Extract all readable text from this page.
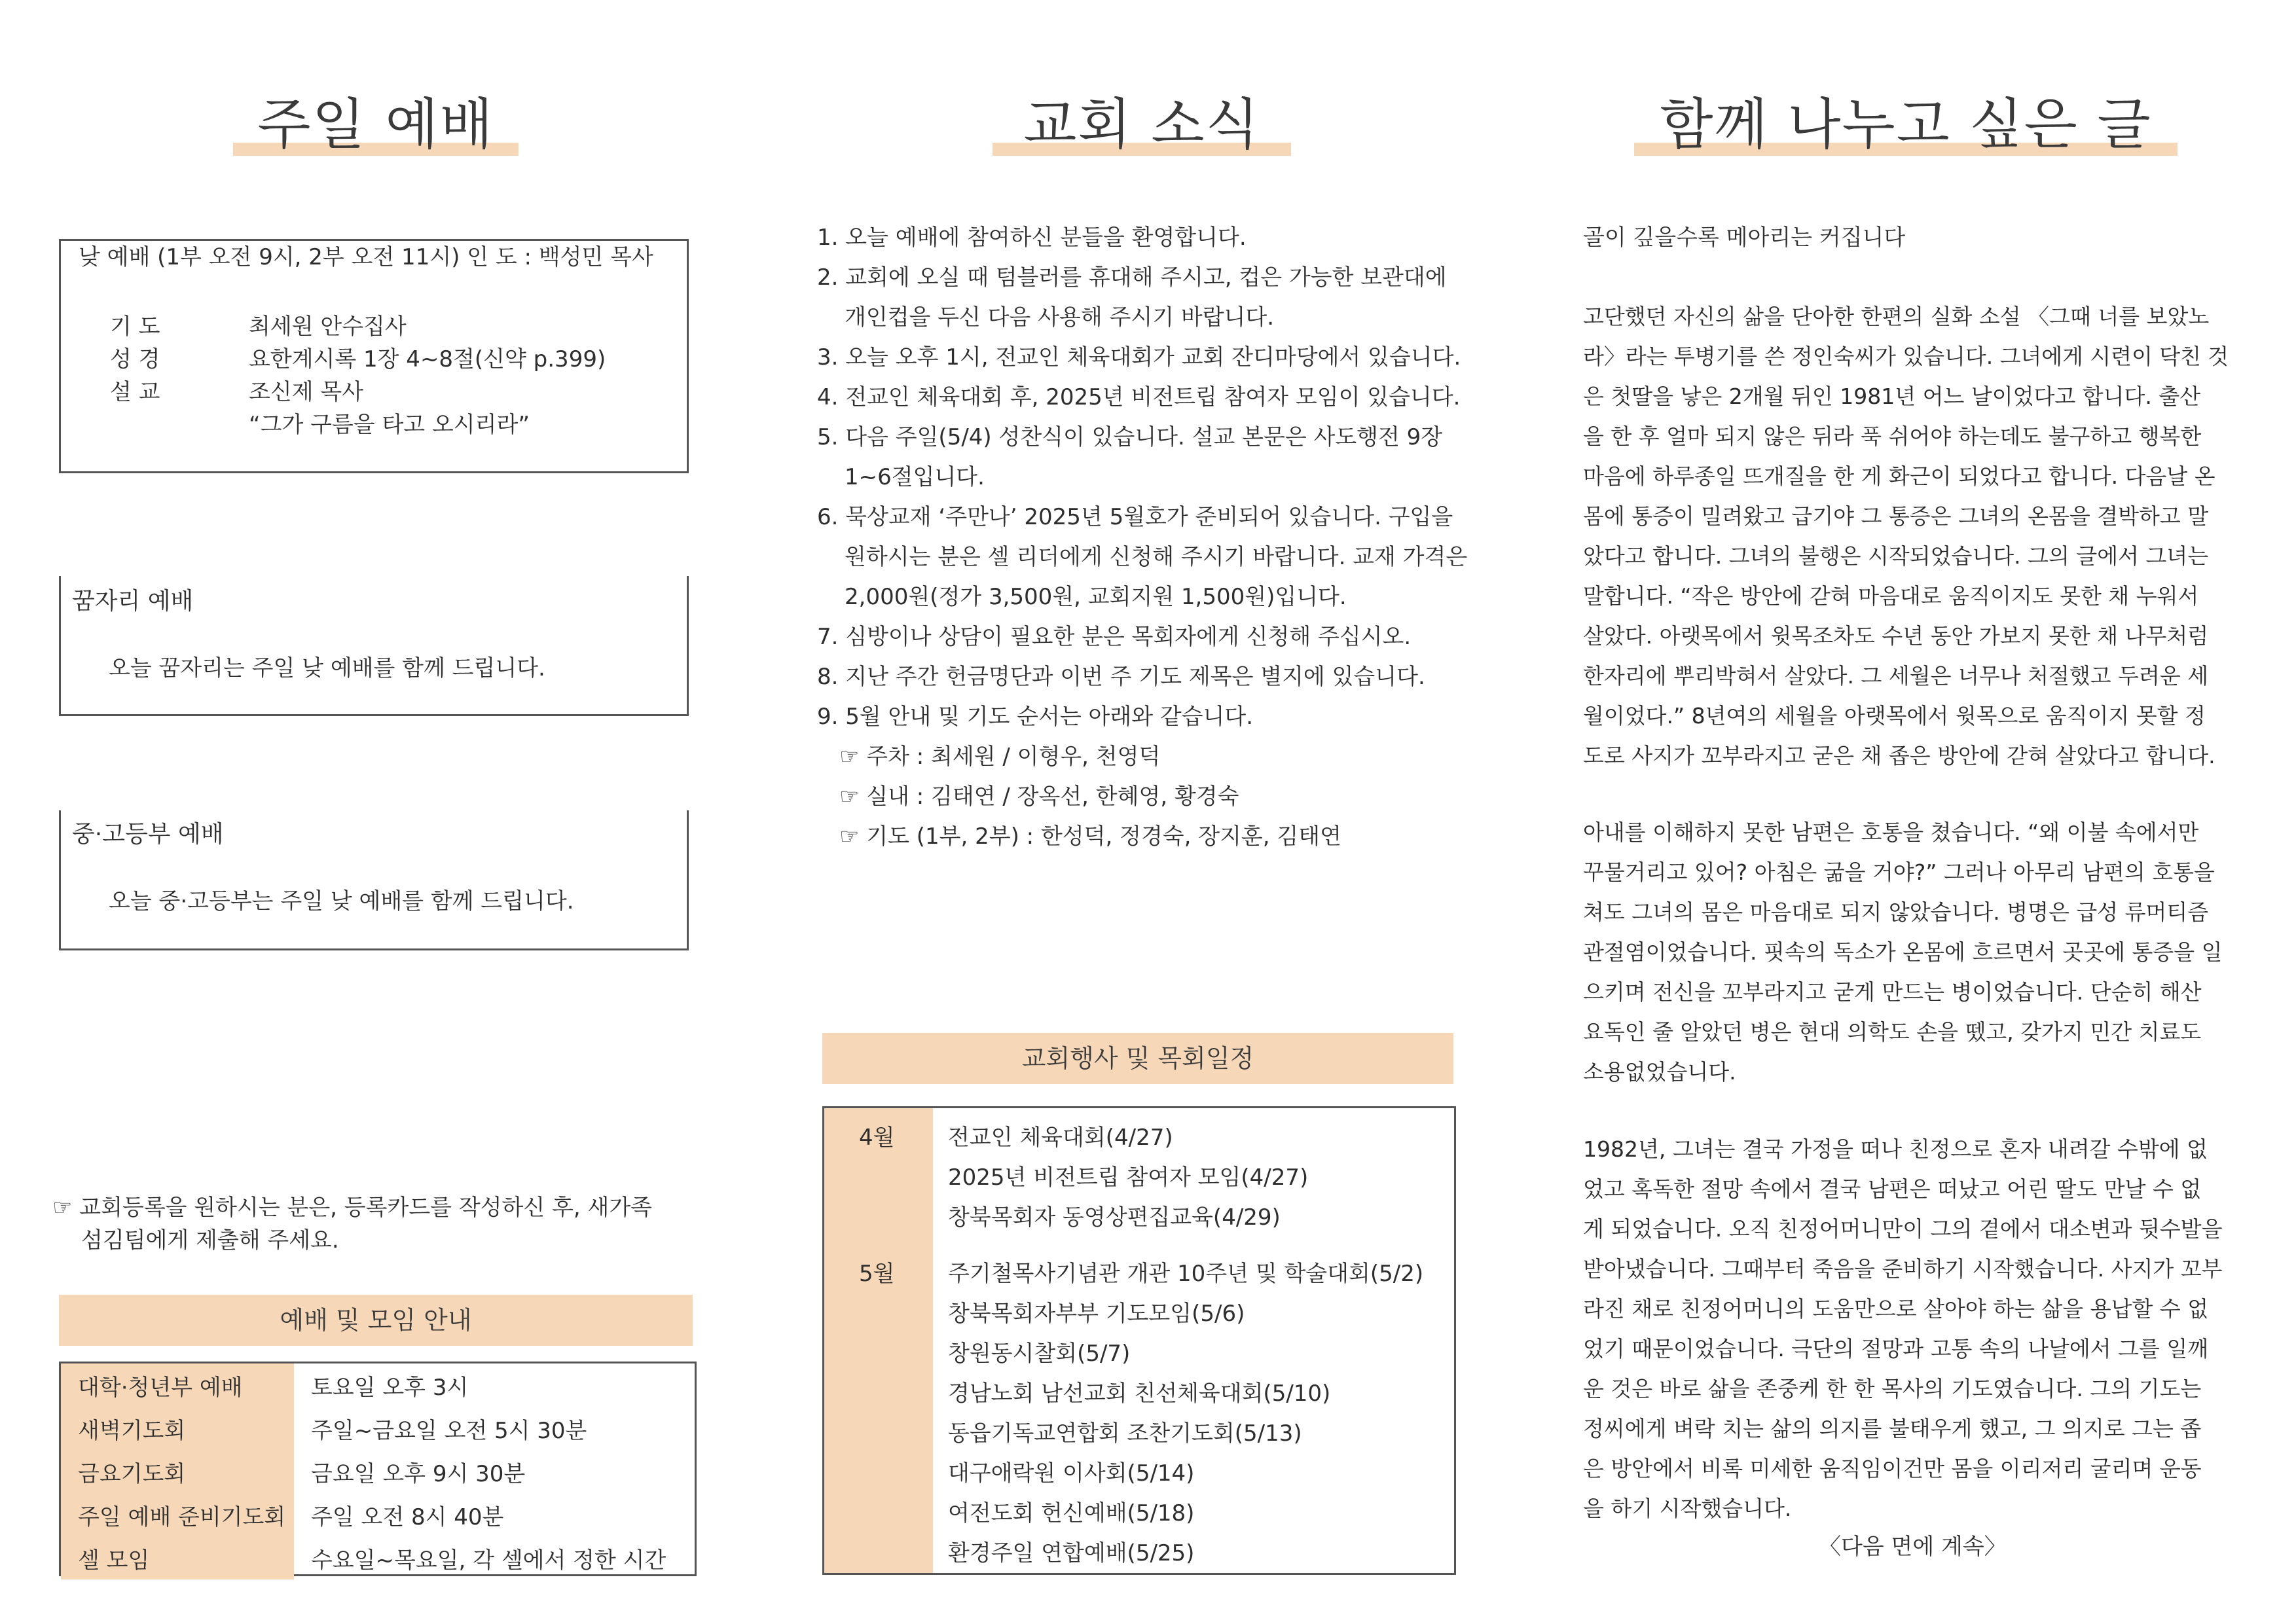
주일 예배
낮 예배 (1부 오전 9시, 2부 오전 11시) 인 도 : 백성민 목사
기 도	최세원 안수집사
성 경	요한계시록 1장 4~8절(신약 p.399)
설 교	조신제 목사
“그가 구름을 타고 오시리라”
꿈자리 예배
오늘 꿈자리는 주일 낮 예배를 함께 드립니다.
중·고등부 예배
오늘 중·고등부는 주일 낮 예배를 함께 드립니다.
☞ 교회등록을 원하시는 분은, 등록카드를 작성하신 후, 새가족
섬김팀에게 제출해 주세요.
예배 및 모임 안내
대학·청년부 예배	토요일 오후 3시
새벽기도회	주일~금요일 오전 5시 30분
금요기도회	금요일 오후 9시 30분
주일 예배 준비기도회	주일 오전 8시 40분
셀 모임	수요일~목요일, 각 셀에서 정한 시간
교회 소식
1. 오늘 예배에 참여하신 분들을 환영합니다.
2. 교회에 오실 때 텀블러를 휴대해 주시고, 컵은 가능한 보관대에
개인컵을 두신 다음 사용해 주시기 바랍니다.
3. 오늘 오후 1시, 전교인 체육대회가 교회 잔디마당에서 있습니다.
4. 전교인 체육대회 후, 2025년 비전트립 참여자 모임이 있습니다.
5. 다음 주일(5/4) 성찬식이 있습니다. 설교 본문은 사도행전 9장
1~6절입니다.
6. 묵상교재 ‘주만나’ 2025년 5월호가 준비되어 있습니다. 구입을
원하시는 분은 셀 리더에게 신청해 주시기 바랍니다. 교재 가격은
2,000원(정가 3,500원, 교회지원 1,500원)입니다.
7. 심방이나 상담이 필요한 분은 목회자에게 신청해 주십시오.
8. 지난 주간 헌금명단과 이번 주 기도 제목은 별지에 있습니다.
9. 5월 안내 및 기도 순서는 아래와 같습니다.
☞ 주차 : 최세원 / 이형우, 천영덕
☞ 실내 : 김태연 / 장옥선, 한혜영, 황경숙
☞ 기도 (1부, 2부) : 한성덕, 정경숙, 장지훈, 김태연
교회행사 및 목회일정
4월 전교인 체육대회(4/27)
2025년 비전트립 참여자 모임(4/27)
창북목회자 동영상편집교육(4/29)
5월 주기철목사기념관 개관 10주년 및 학술대회(5/2)
창북목회자부부 기도모임(5/6)
창원동시찰회(5/7)
경남노회 남선교회 친선체육대회(5/10)
동읍기독교연합회 조찬기도회(5/13)
대구애락원 이사회(5/14)
여전도회 헌신예배(5/18)
환경주일 연합예배(5/25)
함께 나누고 싶은 글
골이 깊을수록 메아리는 커집니다
고단했던 자신의 삶을 단아한 한편의 실화 소설 〈그때 너를 보았노
라〉라는 투병기를 쓴 정인숙씨가 있습니다. 그녀에게 시련이 닥친 것
은 첫딸을 낳은 2개월 뒤인 1981년 어느 날이었다고 합니다. 출산
을 한 후 얼마 되지 않은 뒤라 푹 쉬어야 하는데도 불구하고 행복한
마음에 하루종일 뜨개질을 한 게 화근이 되었다고 합니다. 다음날 온
몸에 통증이 밀려왔고 급기야 그 통증은 그녀의 온몸을 결박하고 말
았다고 합니다. 그녀의 불행은 시작되었습니다. 그의 글에서 그녀는
말합니다. “작은 방안에 갇혀 마음대로 움직이지도 못한 채 누워서
살았다. 아랫목에서 윗목조차도 수년 동안 가보지 못한 채 나무처럼
한자리에 뿌리박혀서 살았다. 그 세월은 너무나 처절했고 두려운 세
월이었다.” 8년여의 세월을 아랫목에서 윗목으로 움직이지 못할 정
도로 사지가 꼬부라지고 굳은 채 좁은 방안에 갇혀 살았다고 합니다.
아내를 이해하지 못한 남편은 호통을 쳤습니다. “왜 이불 속에서만
꾸물거리고 있어? 아침은 굶을 거야?” 그러나 아무리 남편의 호통을
쳐도 그녀의 몸은 마음대로 되지 않았습니다. 병명은 급성 류머티즘
관절염이었습니다. 핏속의 독소가 온몸에 흐르면서 곳곳에 통증을 일
으키며 전신을 꼬부라지고 굳게 만드는 병이었습니다. 단순히 해산
요독인 줄 알았던 병은 현대 의학도 손을 뗐고, 갖가지 민간 치료도
소용없었습니다.
1982년, 그녀는 결국 가정을 떠나 친정으로 혼자 내려갈 수밖에 없
었고 혹독한 절망 속에서 결국 남편은 떠났고 어린 딸도 만날 수 없
게 되었습니다. 오직 친정어머니만이 그의 곁에서 대소변과 뒷수발을
받아냈습니다. 그때부터 죽음을 준비하기 시작했습니다. 사지가 꼬부
라진 채로 친정어머니의 도움만으로 살아야 하는 삶을 용납할 수 없
었기 때문이었습니다. 극단의 절망과 고통 속의 나날에서 그를 일깨
운 것은 바로 삶을 존중케 한 한 목사의 기도였습니다. 그의 기도는
정씨에게 벼락 치는 삶의 의지를 불태우게 했고, 그 의지로 그는 좁
은 방안에서 비록 미세한 움직임이건만 몸을 이리저리 굴리며 운동
을 하기 시작했습니다.
〈다음 면에 계속〉
